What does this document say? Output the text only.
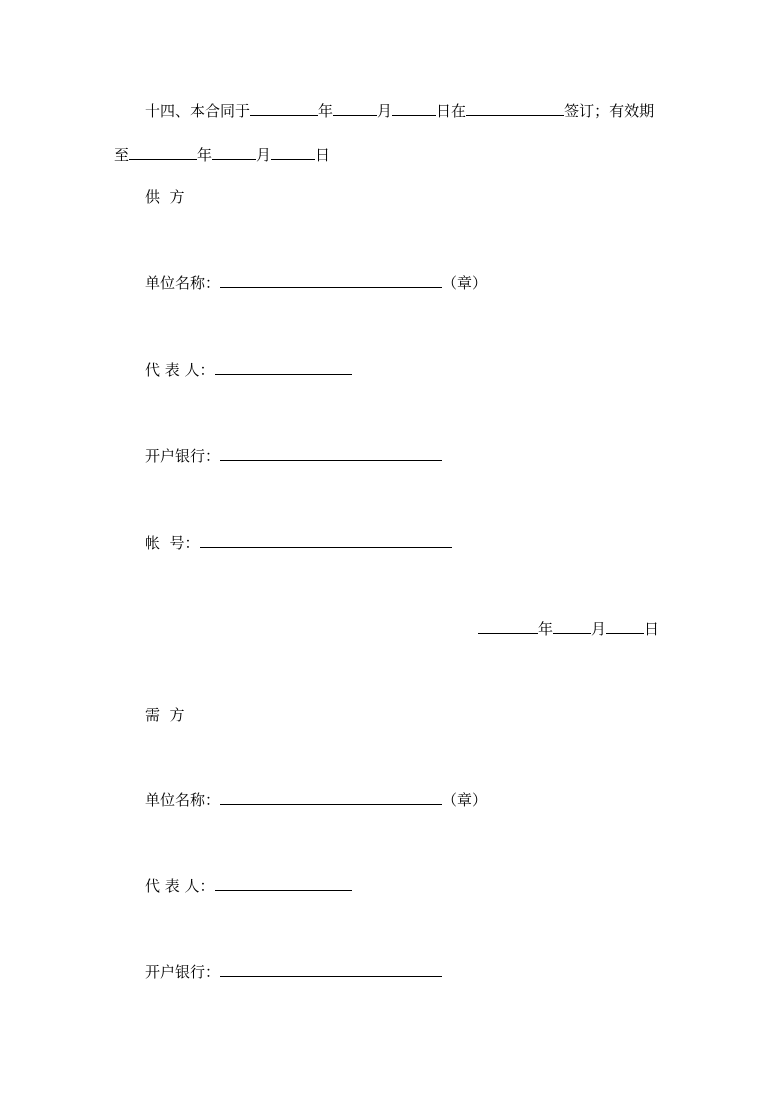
十四、本合同于	年	月	日在	签订；有效期
至	年	月	日
供  方
单位名称：	（章）
代 表 人：
开户银行：
帐  号：
年	月	日
需  方
单位名称：	（章）
代 表 人：
开户银行：
